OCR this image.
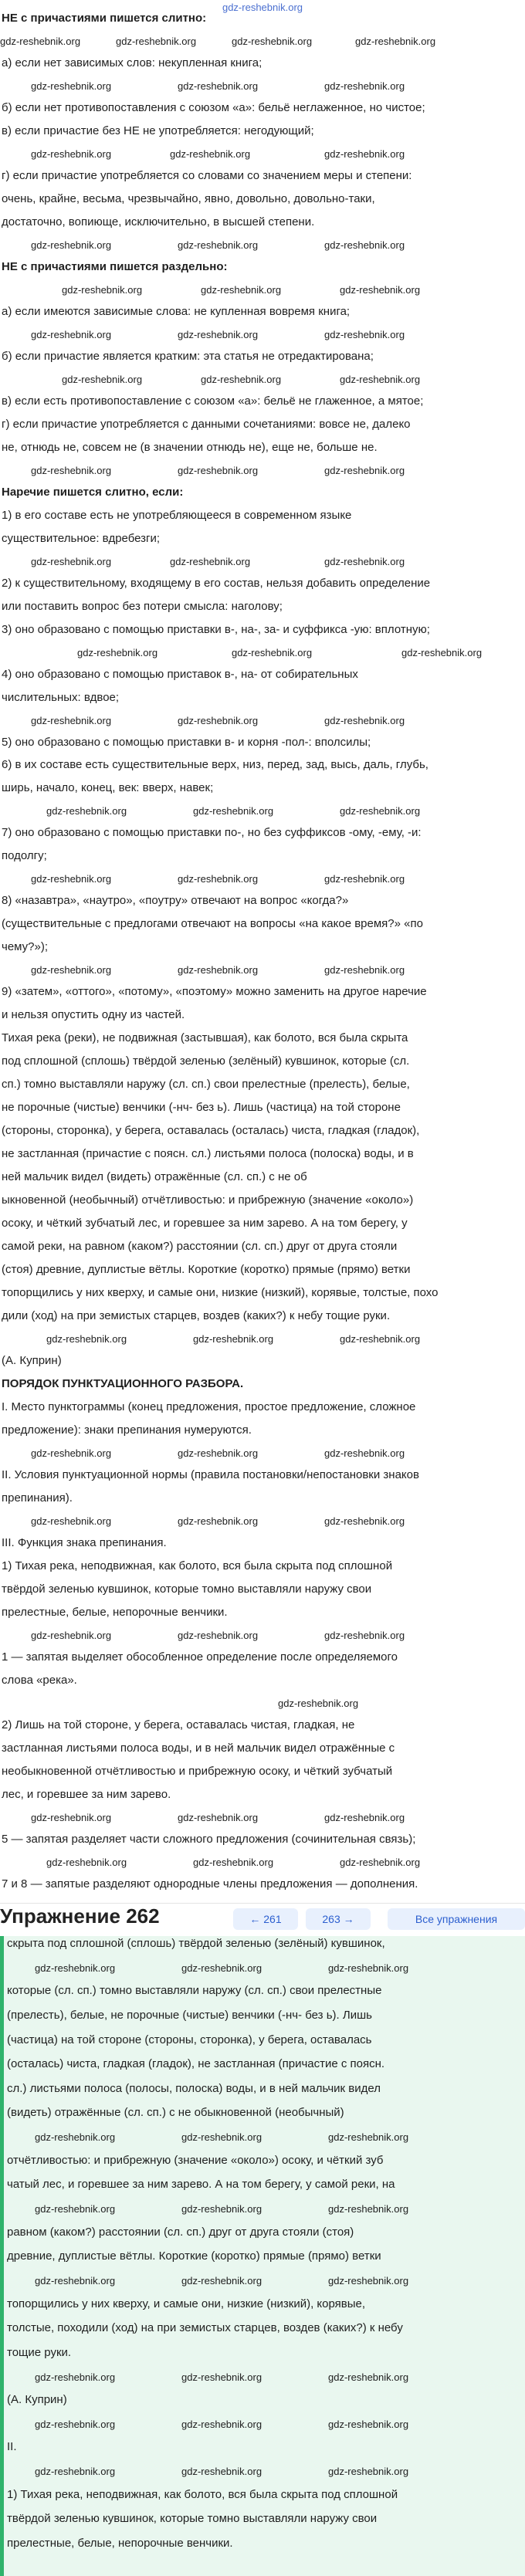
gdz-reshebnik.org
НЕ с причастиями пишется слитно:
gdz-reshebnik.org	gdz-reshebnik.org	gdz-reshebnik.org	gdz-reshebnik.org
а) если нет зависимых слов: некупленная книга;
gdz-reshebnik.org	gdz-reshebnik.org	gdz-reshebnik.org
б) если нет противопоставления с союзом «а»: бельё неглаженное, но чистое;
в) если причастие без НЕ не употребляется: негодующий;
gdz-reshebnik.org	gdz-reshebnik.org	gdz-reshebnik.org
г) если причастие употребляется со словами со значением меры и степени:
очень, крайне, весьма, чрезвычайно, явно, довольно, довольно-таки,
достаточно, вопиюще, исключительно, в высшей степени.
gdz-reshebnik.org	gdz-reshebnik.org	gdz-reshebnik.org
НЕ с причастиями пишется раздельно:
gdz-reshebnik.org	gdz-reshebnik.org	gdz-reshebnik.org
а) если имеются зависимые слова: не купленная вовремя книга;
gdz-reshebnik.org	gdz-reshebnik.org	gdz-reshebnik.org
б) если причастие является кратким: эта статья не отредактирована;
gdz-reshebnik.org	gdz-reshebnik.org	gdz-reshebnik.org
в) если есть противопоставление с союзом «а»: бельё не глаженное, а мятое;
г) если причастие употребляется с данными сочетаниями: вовсе не, далеко
не, отнюдь не, совсем не (в значении отнюдь не), еще не, больше не.
gdz-reshebnik.org	gdz-reshebnik.org	gdz-reshebnik.org
Наречие пишется слитно, если:
1) в его составе есть не употребляющееся в современном языке
существительное: вдребезги;
gdz-reshebnik.org	gdz-reshebnik.org	gdz-reshebnik.org
2) к существительному, входящему в его состав, нельзя добавить определение
или поставить вопрос без потери смысла: наголову;
3) оно образовано с помощью приставки в-, на-, за- и суффикса -ую: вплотную;
gdz-reshebnik.org	gdz-reshebnik.org	gdz-reshebnik.org
4) оно образовано с помощью приставок в-, на- от собирательных
числительных: вдвое;
gdz-reshebnik.org	gdz-reshebnik.org	gdz-reshebnik.org
5) оно образовано с помощью приставки в- и корня -пол-: вполсилы;
6) в их составе есть существительные верх, низ, перед, зад, высь, даль, глубь,
ширь, начало, конец, век: вверх, навек;
gdz-reshebnik.org	gdz-reshebnik.org	gdz-reshebnik.org
7) оно образовано с помощью приставки по-, но без суффиксов -ому, -ему, -и:
подолгу;
gdz-reshebnik.org	gdz-reshebnik.org	gdz-reshebnik.org
8) «назавтра», «наутро», «поутру» отвечают на вопрос «когда?»
(существительные с предлогами отвечают на вопросы «на какое время?» «по
чему?»);
gdz-reshebnik.org	gdz-reshebnik.org	gdz-reshebnik.org
9) «затем», «оттого», «потому», «поэтому» можно заменить на другое наречие
и нельзя опустить одну из частей.
Тихая река (реки), не подвижная (застывшая), как болото, вся была скрыта
под сплошной (сплошь) твёрдой зеленью (зелёный) кувшинок, которые (сл.
сп.) томно выставляли наружу (сл. сп.) свои прелестные (прелесть), белые,
не порочные (чистые) венчики (-нч- без ь). Лишь (частица) на той стороне
(стороны, сторонка), у берега, оставалась (осталась) чиста, гладкая (гладок),
не застланная (причастие с поясн. сл.) листьями полоса (полоска) воды, и в
ней мальчик видел (видеть) отражённые (сл. сп.) с не об
ыкновенной (необычный) отчётливостью: и прибрежную (значение «около»)
осоку, и чёткий зубчатый лес, и горевшее за ним зарево. А на том берегу, у
самой реки, на равном (каком?) расстоянии (сл. сп.) друг от друга стояли
(стоя) древние, дуплистые вётлы. Короткие (коротко) прямые (прямо) ветки
топорщились у них кверху, и самые они, низкие (низкий), корявые, толстые, похо
дили (ход) на при земистых старцев, воздев (каких?) к небу тощие руки.
gdz-reshebnik.org	gdz-reshebnik.org	gdz-reshebnik.org
(А. Куприн)
ПОРЯДОК ПУНКТУАЦИОННОГО РАЗБОРА.
I. Место пунктограммы (конец предложения, простое предложение, сложное
предложение): знаки препинания нумеруются.
gdz-reshebnik.org	gdz-reshebnik.org	gdz-reshebnik.org
II. Условия пунктуационной нормы (правила постановки/непостановки знаков
препинания).
gdz-reshebnik.org	gdz-reshebnik.org	gdz-reshebnik.org
III. Функция знака препинания.
1) Тихая река, неподвижная, как болото, вся была скрыта под сплошной
твёрдой зеленью кувшинок, которые томно выставляли наружу свои
прелестные, белые, непорочные венчики.
gdz-reshebnik.org	gdz-reshebnik.org	gdz-reshebnik.org
1 — запятая выделяет обособленное определение после определяемого
слова «река».
gdz-reshebnik.org
2) Лишь на той стороне, у берега, оставалась чистая, гладкая, не
застланная листьями полоса воды, и в ней мальчик видел отражённые с
необыкновенной отчётливостью и прибрежную осоку, и чёткий зубчатый
лес, и горевшее за ним зарево.
gdz-reshebnik.org	gdz-reshebnik.org	gdz-reshebnik.org
5 — запятая разделяет части сложного предложения (сочинительная связь);
gdz-reshebnik.org	gdz-reshebnik.org	gdz-reshebnik.org
7 и 8 — запятые разделяют однородные члены предложения — дополнения.
Упражнение 262	← 261	263 →	Все упражнения
скрыта под сплошной (сплошь) твёрдой зеленью (зелёный) кувшинок,
gdz-reshebnik.org	gdz-reshebnik.org	gdz-reshebnik.org
которые (сл. сп.) томно выставляли наружу (сл. сп.) свои прелестные
(прелесть), белые, не порочные (чистые) венчики (-нч- без ь). Лишь
(частица) на той стороне (стороны, сторонка), у берега, оставалась
(осталась) чиста, гладкая (гладок), не застланная (причастие с поясн.
сл.) листьями полоса (полосы, полоска) воды, и в ней мальчик видел
(видеть) отражённые (сл. сп.) с не обыкновенной (необычный)
gdz-reshebnik.org	gdz-reshebnik.org	gdz-reshebnik.org
отчётливостью: и прибрежную (значение «около») осоку, и чёткий зуб
чатый лес, и горевшее за ним зарево. А на том берегу, у самой реки, на
gdz-reshebnik.org	gdz-reshebnik.org	gdz-reshebnik.org
равном (каком?) расстоянии (сл. сп.) друг от друга стояли (стоя)
древние, дуплистые вётлы. Короткие (коротко) прямые (прямо) ветки
gdz-reshebnik.org	gdz-reshebnik.org	gdz-reshebnik.org
топорщились у них кверху, и самые они, низкие (низкий), корявые,
толстые, походили (ход) на при земистых старцев, воздев (каких?) к небу
тощие руки.
gdz-reshebnik.org	gdz-reshebnik.org	gdz-reshebnik.org
(А. Куприн)
gdz-reshebnik.org	gdz-reshebnik.org	gdz-reshebnik.org
II.
gdz-reshebnik.org	gdz-reshebnik.org	gdz-reshebnik.org
1) Тихая река, неподвижная, как болото, вся была скрыта под сплошной
твёрдой зеленью кувшинок, которые томно выставляли наружу свои
прелестные, белые, непорочные венчики.
